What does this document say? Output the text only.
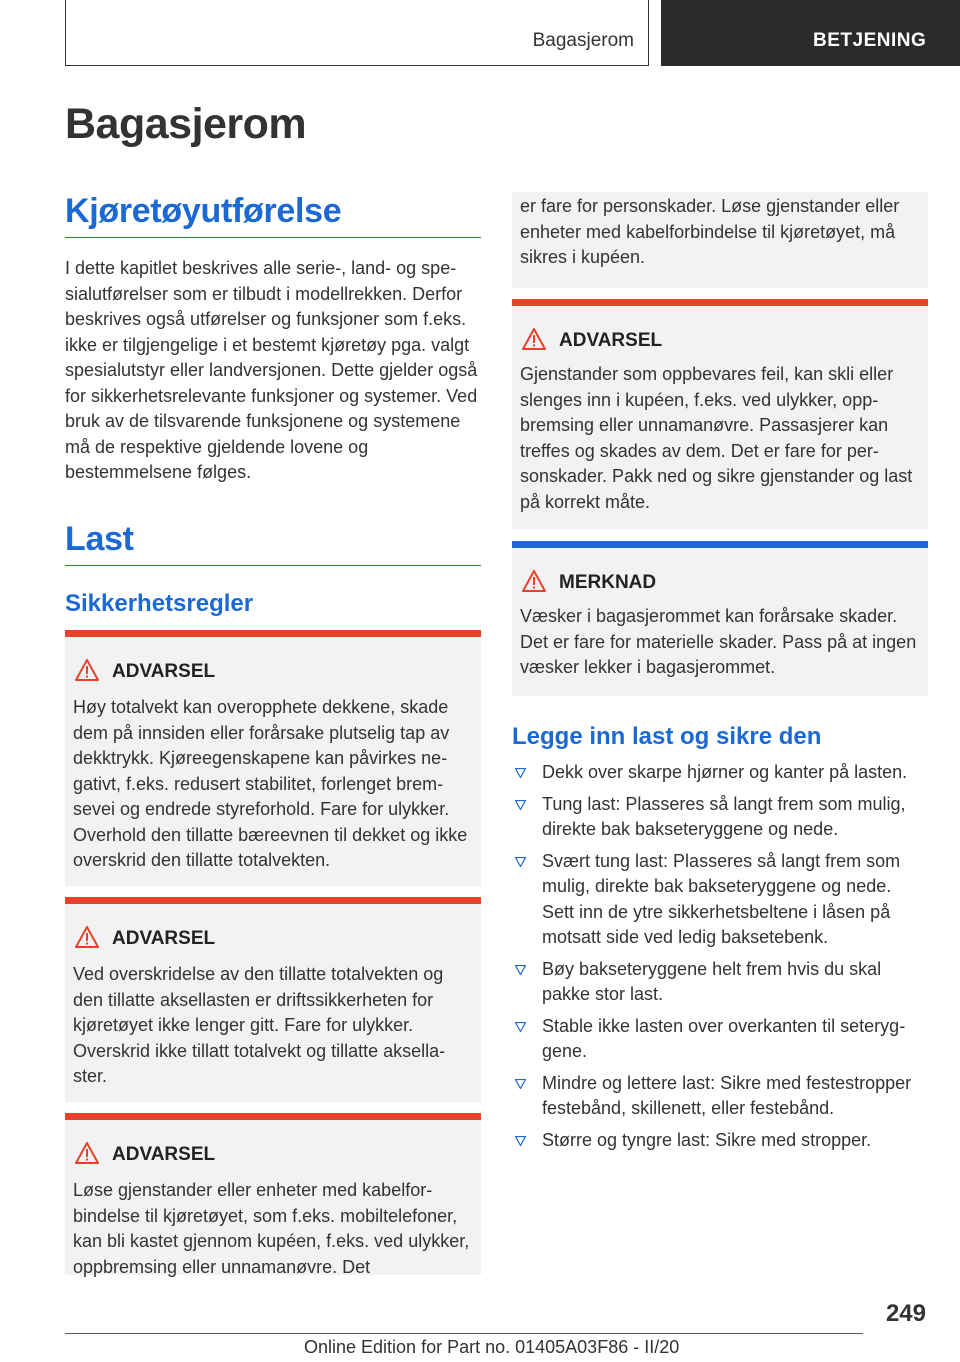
Bagasjerom	BETJENING
Bagasjerom
Kjøretøyutførelse

I dette kapitlet beskrives alle serie-, land- og spesialutførelser som er tilbudt i modellrekken. Derfor beskrives også utførelser og funksjoner som f.eks. ikke er tilgjengelige i et bestemt kjøretøy pga. valgt spesialutstyr eller landversjonen. Dette gjelder også for sikkerhetsrelevante funksjoner og systemer. Ved bruk av de tilsvarende funksjonene og systemene må de respektive gjeldende lovene og bestemmelsene følges.

Last
Sikkerhetsregler
ADVARSEL

Høy totalvekt kan overopphete dekkene, skade dem på innsiden eller forårsake plutselig tap av dekktrykk. Kjøreegenskapene kan påvirkes negativt, f.eks. redusert stabilitet, forlenget bremsevei og endrede styreforhold. Fare for ulykker. Overhold den tillatte bæreevnen til dekket og ikke overskrid den tillatte totalvekten.

ADVARSEL

Ved overskridelse av den tillatte totalvekten og den tillatte aksellasten er driftssikkerheten for kjøretøyet ikke lenger gitt. Fare for ulykker. Overskrid ikke tillatt totalvekt og tillatte aksellaster.

ADVARSEL

Løse gjenstander eller enheter med kabelforbindelse til kjøretøyet, som f.eks. mobiltelefoner, kan bli kastet gjennom kupéen, f.eks. ved ulykker, oppbremsing eller unnamanøvre. Det

er fare for personskader. Løse gjenstander eller enheter med kabelforbindelse til kjøretøyet, må sikres i kupéen.

ADVARSEL

Gjenstander som oppbevares feil, kan skli eller slenges inn i kupéen, f.eks. ved ulykker, oppbremsing eller unnamanøvre. Passasjerer kan treffes og skades av dem. Det er fare for personskader. Pakk ned og sikre gjenstander og last på korrekt måte.

MERKNAD

Væsker i bagasjerommet kan forårsake skader. Det er fare for materielle skader. Pass på at ingen væsker lekker i bagasjerommet.

Legge inn last og sikre den
Dekk over skarpe hjørner og kanter på lasten.
Tung last: Plasseres så langt frem som mulig, direkte bak bakseteryggene og nede.
Svært tung last: Plasseres så langt frem som mulig, direkte bak bakseteryggene og nede. Sett inn de ytre sikkerhetsbeltene i låsen på motsatt side ved ledig baksetebenk.
Bøy bakseteryggene helt frem hvis du skal pakke stor last.
Stable ikke lasten over overkanten til seteryggene.
Mindre og lettere last: Sikre med festestropper festebånd, skillenett, eller festebånd.
Større og tyngre last: Sikre med stropper.
249
Online Edition for Part no. 01405A03F86 - II/20
